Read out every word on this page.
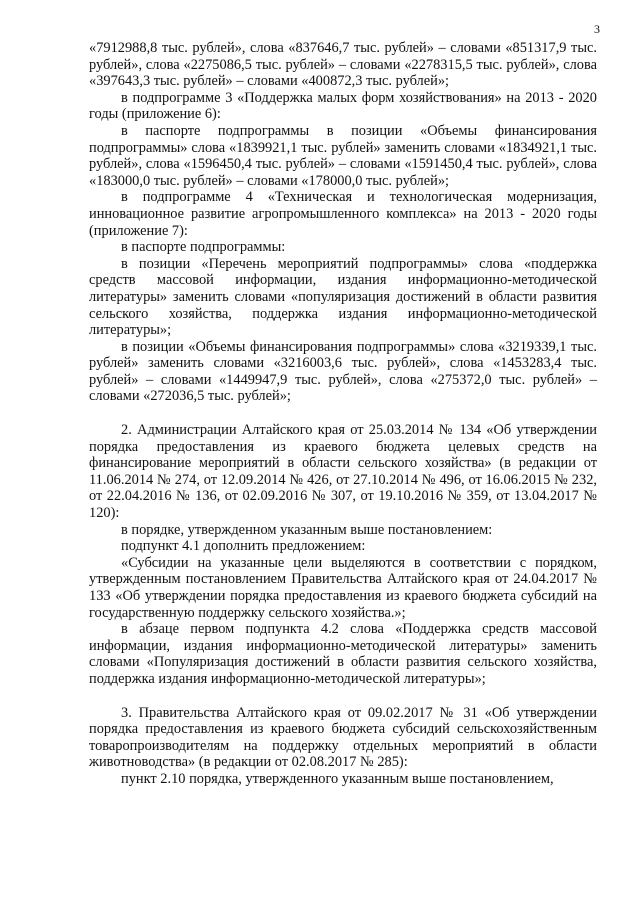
3

«7912988,8 тыс. рублей», слова «837646,7 тыс. рублей» – словами «851317,9 тыс. рублей», слова «2275086,5 тыс. рублей» – словами «2278315,5 тыс. рублей», слова «397643,3 тыс. рублей» – словами «400872,3 тыс. рублей»;

в подпрограмме 3 «Поддержка малых форм хозяйствования» на 2013 - 2020 годы (приложение 6):

в паспорте подпрограммы в позиции «Объемы финансирования подпрограммы» слова «1839921,1 тыс. рублей» заменить словами «1834921,1 тыс. рублей», слова «1596450,4 тыс. рублей» – словами «1591450,4 тыс. рублей», слова «183000,0 тыс. рублей» – словами «178000,0 тыс. рублей»;

в подпрограмме 4 «Техническая и технологическая модернизация, инновационное развитие агропромышленного комплекса» на 2013 - 2020 годы (приложение 7):

в паспорте подпрограммы:

в позиции «Перечень мероприятий подпрограммы» слова «поддержка средств массовой информации, издания информационно-методической литературы» заменить словами «популяризация достижений в области развития сельского хозяйства, поддержка издания информационно-методической литературы»;

в позиции «Объемы финансирования подпрограммы» слова «3219339,1 тыс. рублей» заменить словами «3216003,6 тыс. рублей», слова «1453283,4 тыс. рублей» – словами «1449947,9 тыс. рублей», слова «275372,0 тыс. рублей» – словами «272036,5 тыс. рублей»;

2. Администрации Алтайского края от 25.03.2014 № 134 «Об утверждении порядка предоставления из краевого бюджета целевых средств на финансирование мероприятий в области сельского хозяйства» (в редакции от 11.06.2014 № 274, от 12.09.2014 № 426, от 27.10.2014 № 496, от 16.06.2015 № 232, от 22.04.2016 № 136, от 02.09.2016 № 307, от 19.10.2016 № 359, от 13.04.2017 № 120):

в порядке, утвержденном указанным выше постановлением:

подпункт 4.1 дополнить предложением:

«Субсидии на указанные цели выделяются в соответствии с порядком, утвержденным постановлением Правительства Алтайского края от 24.04.2017 № 133 «Об утверждении порядка предоставления из краевого бюджета субсидий на государственную поддержку сельского хозяйства.»;

в абзаце первом подпункта 4.2 слова «Поддержка средств массовой информации, издания информационно-методической литературы» заменить словами «Популяризация достижений в области развития сельского хозяйства, поддержка издания информационно-методической литературы»;

3. Правительства Алтайского края от 09.02.2017 № 31 «Об утверждении порядка предоставления из краевого бюджета субсидий сельскохозяйственным товаропроизводителям на поддержку отдельных мероприятий в области животноводства» (в редакции от 02.08.2017 № 285):

пункт 2.10 порядка, утвержденного указанным выше постановлением,
